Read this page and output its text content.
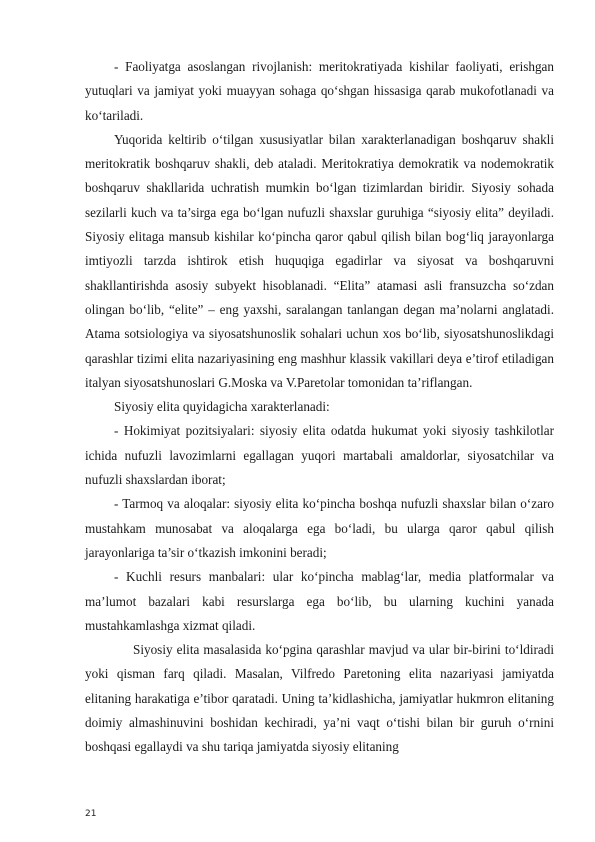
- Faoliyatga asoslangan rivojlanish: meritokratiyada kishilar faoliyati, erishgan yutuqlari va jamiyat yoki muayyan sohaga qo‘shgan hissasiga qarab mukofotlanadi va ko‘tariladi.

Yuqorida keltirib o‘tilgan xususiyatlar bilan xarakterlanadigan boshqaruv shakli meritokratik boshqaruv shakli, deb ataladi. Meritokratiya demokratik va nodemokratik boshqaruv shakllarida uchratish mumkin bo‘lgan tizimlardan biridir. Siyosiy sohada sezilarli kuch va ta’sirga ega bo‘lgan nufuzli shaxslar guruhiga “siyosiy elita” deyiladi. Siyosiy elitaga mansub kishilar ko‘pincha qaror qabul qilish bilan bog‘liq jarayonlarga imtiyozli tarzda ishtirok etish huquqiga egadirlar va siyosat va boshqaruvni shakllantirishda asosiy subyekt hisoblanadi. “Elita” atamasi asli fransuzcha so‘zdan olingan bo‘lib, “elite” – eng yaxshi, saralangan tanlangan degan ma’nolarni anglatadi. Atama sotsiologiya va siyosatshunoslik sohalari uchun xos bo‘lib, siyosatshunoslikdagi qarashlar tizimi elita nazariyasining eng mashhur klassik vakillari deya e’tirof etiladigan italyan siyosatshunoslari G.Moska va V.Paretolar tomonidan ta’riflangan.

Siyosiy elita quyidagicha xarakterlanadi:

- Hokimiyat pozitsiyalari: siyosiy elita odatda hukumat yoki siyosiy tashkilotlar ichida nufuzli lavozimlarni egallagan yuqori martabali amaldorlar, siyosatchilar va nufuzli shaxslardan iborat;

- Tarmoq va aloqalar: siyosiy elita ko‘pincha boshqa nufuzli shaxslar bilan o‘zaro mustahkam munosabat va aloqalarga ega bo‘ladi, bu ularga qaror qabul qilish jarayonlariga ta’sir o‘tkazish imkonini beradi;

- Kuchli resurs manbalari: ular ko‘pincha mablag‘lar, media platformalar va ma’lumot bazalari kabi resurslarga ega bo‘lib, bu ularning kuchini yanada mustahkamlashga xizmat qiladi.

Siyosiy elita masalasida ko‘pgina qarashlar mavjud va ular bir-birini to‘ldiradi yoki qisman farq qiladi. Masalan, Vilfredo Paretoning elita nazariyasi jamiyatda elitaning harakatiga e’tibor qaratadi. Uning ta’kidlashicha, jamiyatlar hukmron elitaning doimiy almashinuvini boshidan kechiradi, ya’ni vaqt o‘tishi bilan bir guruh o‘rnini boshqasi egallaydi va shu tariqa jamiyatda siyosiy elitaning

21
